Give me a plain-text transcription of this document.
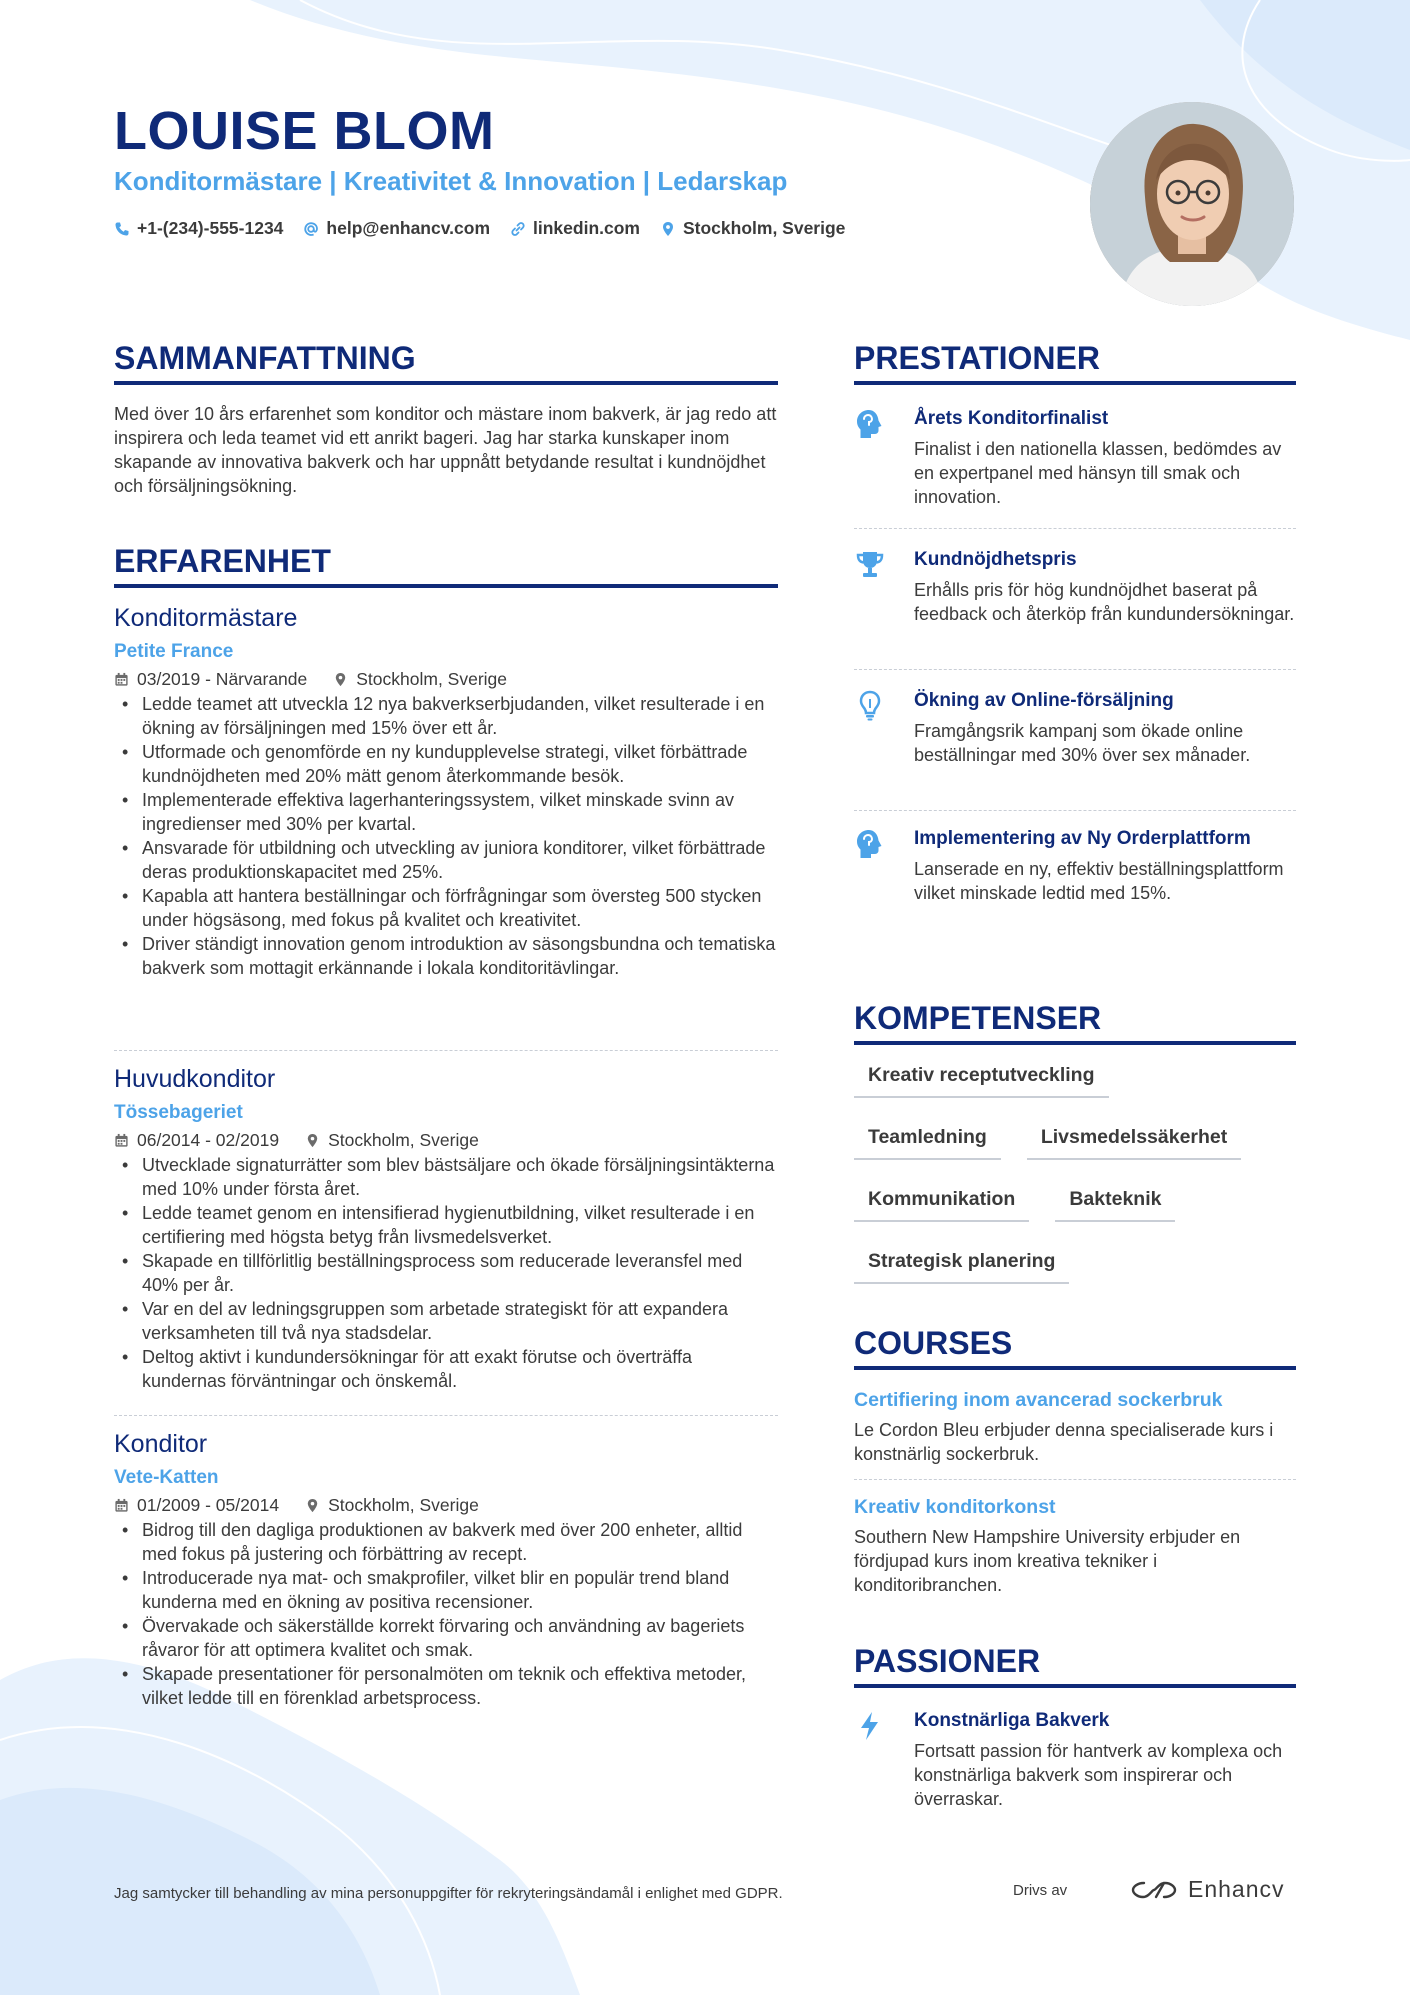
LOUISE BLOM
Konditormästare | Kreativitet & Innovation | Ledarskap
+1-(234)-555-1234 help@enhancv.com linkedin.com Stockholm, Sverige
SAMMANFATTNING
Med över 10 års erfarenhet som konditor och mästare inom bakverk, är jag redo att inspirera och leda teamet vid ett anrikt bageri. Jag har starka kunskaper inom skapande av innovativa bakverk och har uppnått betydande resultat i kundnöjdhet och försäljningsökning.
ERFARENHET
Konditormästare
Petite France
03/2019 - Närvarande	Stockholm, Sverige
• Ledde teamet att utveckla 12 nya bakverkserbjudanden, vilket resulterade i en ökning av försäljningen med 15% över ett år.
• Utformade och genomförde en ny kundupplevelse strategi, vilket förbättrade kundnöjdheten med 20% mätt genom återkommande besök.
• Implementerade effektiva lagerhanteringssystem, vilket minskade svinn av ingredienser med 30% per kvartal.
• Ansvarade för utbildning och utveckling av juniora konditorer, vilket förbättrade deras produktionskapacitet med 25%.
• Kapabla att hantera beställningar och förfrågningar som översteg 500 stycken under högsäsong, med fokus på kvalitet och kreativitet.
• Driver ständigt innovation genom introduktion av säsongsbundna och tematiska bakverk som mottagit erkännande i lokala konditoritävlingar.
Huvudkonditor
Tössebageriet
06/2014 - 02/2019	Stockholm, Sverige
• Utvecklade signaturrätter som blev bästsäljare och ökade försäljningsintäkterna med 10% under första året.
• Ledde teamet genom en intensifierad hygienutbildning, vilket resulterade i en certifiering med högsta betyg från livsmedelsverket.
• Skapade en tillförlitlig beställningsprocess som reducerade leveransfel med 40% per år.
• Var en del av ledningsgruppen som arbetade strategiskt för att expandera verksamheten till två nya stadsdelar.
• Deltog aktivt i kundundersökningar för att exakt förutse och överträffa kundernas förväntningar och önskemål.
Konditor
Vete-Katten
01/2009 - 05/2014	Stockholm, Sverige
• Bidrog till den dagliga produktionen av bakverk med över 200 enheter, alltid med fokus på justering och förbättring av recept.
• Introducerade nya mat- och smakprofiler, vilket blir en populär trend bland kunderna med en ökning av positiva recensioner.
• Övervakade och säkerställde korrekt förvaring och användning av bageriets råvaror för att optimera kvalitet och smak.
• Skapade presentationer för personalmöten om teknik och effektiva metoder, vilket ledde till en förenklad arbetsprocess.
PRESTATIONER
Årets Konditorfinalist
Finalist i den nationella klassen, bedömdes av en expertpanel med hänsyn till smak och innovation.
Kundnöjdhetspris
Erhålls pris för hög kundnöjdhet baserat på feedback och återköp från kundundersökningar.
Ökning av Online-försäljning
Framgångsrik kampanj som ökade online beställningar med 30% över sex månader.
Implementering av Ny Orderplattform
Lanserade en ny, effektiv beställningsplattform vilket minskade ledtid med 15%.
KOMPETENSER
Kreativ receptutveckling
Teamledning	Livsmedelssäkerhet
Kommunikation	Bakteknik
Strategisk planering
COURSES
Certifiering inom avancerad sockerbruk
Le Cordon Bleu erbjuder denna specialiserade kurs i konstnärlig sockerbruk.
Kreativ konditorkonst
Southern New Hampshire University erbjuder en fördjupad kurs inom kreativa tekniker i konditoribranchen.
PASSIONER
Konstnärliga Bakverk
Fortsatt passion för hantverk av komplexa och konstnärliga bakverk som inspirerar och överraskar.
Jag samtycker till behandling av mina personuppgifter för rekryteringsändamål i enlighet med GDPR.	Drivs av	Enhancv
